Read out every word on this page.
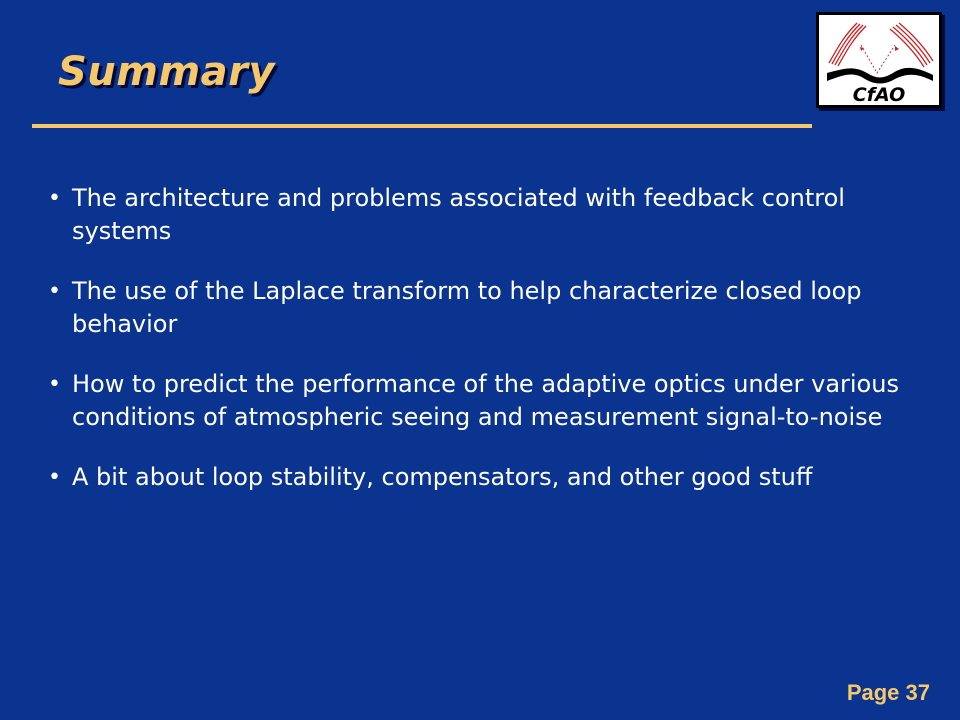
Summary	CfAO
• The architecture and problems associated with feedback control systems
• The use of the Laplace transform to help characterize closed loop behavior
• How to predict the performance of the adaptive optics under various conditions of atmospheric seeing and measurement signal-to-noise
• A bit about loop stability, compensators, and other good stuff
Page 37
